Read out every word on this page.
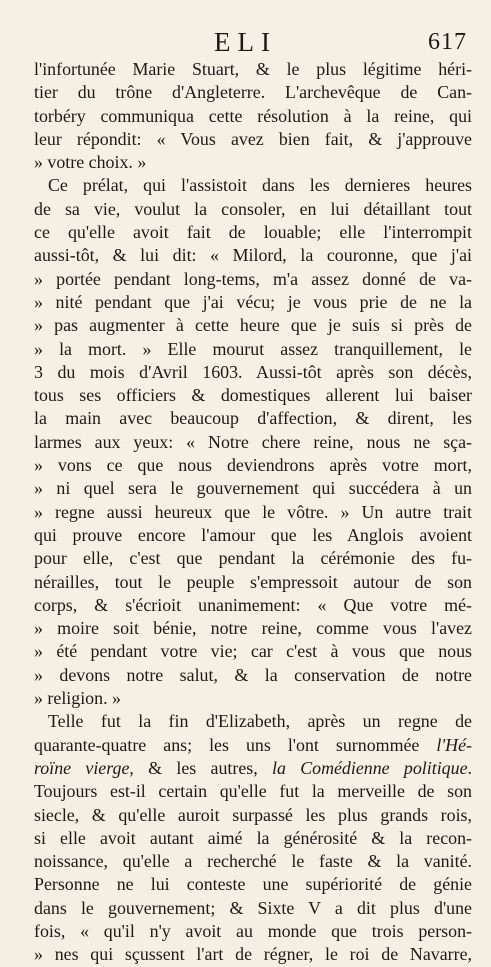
ELI	617
l'infortunée Marie Stuart, & le plus légitime héri-
tier du trône d'Angleterre. L'archevêque de Can-
torbéry communiqua cette résolution à la reine, qui
leur répondit: « Vous avez bien fait, & j'approuve
» votre choix. »
Ce prélat, qui l'assistoit dans les dernieres heures
de sa vie, voulut la consoler, en lui détaillant tout
ce qu'elle avoit fait de louable; elle l'interrompit
aussi-tôt, & lui dit: « Milord, la couronne, que j'ai
» portée pendant long-tems, m'a assez donné de va-
» nité pendant que j'ai vécu; je vous prie de ne la
» pas augmenter à cette heure que je suis si près de
» la mort. » Elle mourut assez tranquillement, le
3 du mois d'Avril 1603. Aussi-tôt après son décès,
tous ses officiers & domestiques allerent lui baiser
la main avec beaucoup d'affection, & dirent, les
larmes aux yeux: « Notre chere reine, nous ne sça-
» vons ce que nous deviendrons après votre mort,
» ni quel sera le gouvernement qui succédera à un
» regne aussi heureux que le vôtre. » Un autre trait
qui prouve encore l'amour que les Anglois avoient
pour elle, c'est que pendant la cérémonie des fu-
nérailles, tout le peuple s'empressoit autour de son
corps, & s'écrioit unanimement: « Que votre mé-
» moire soit bénie, notre reine, comme vous l'avez
» été pendant votre vie; car c'est à vous que nous
» devons notre salut, & la conservation de notre
» religion. »
Telle fut la fin d'Elizabeth, après un regne de
quarante-quatre ans; les uns l'ont surnommée l'Hé-
roïne vierge, & les autres, la Comédienne politique.
Toujours est-il certain qu'elle fut la merveille de son
siecle, & qu'elle auroit surpassé les plus grands rois,
si elle avoit autant aimé la générosité & la recon-
noissance, qu'elle a recherché le faste & la vanité.
Personne ne lui conteste une supériorité de génie
dans le gouvernement; & Sixte V a dit plus d'une
fois, « qu'il n'y avoit au monde que trois person-
» nes qui sçussent l'art de régner, le roi de Navarre,
